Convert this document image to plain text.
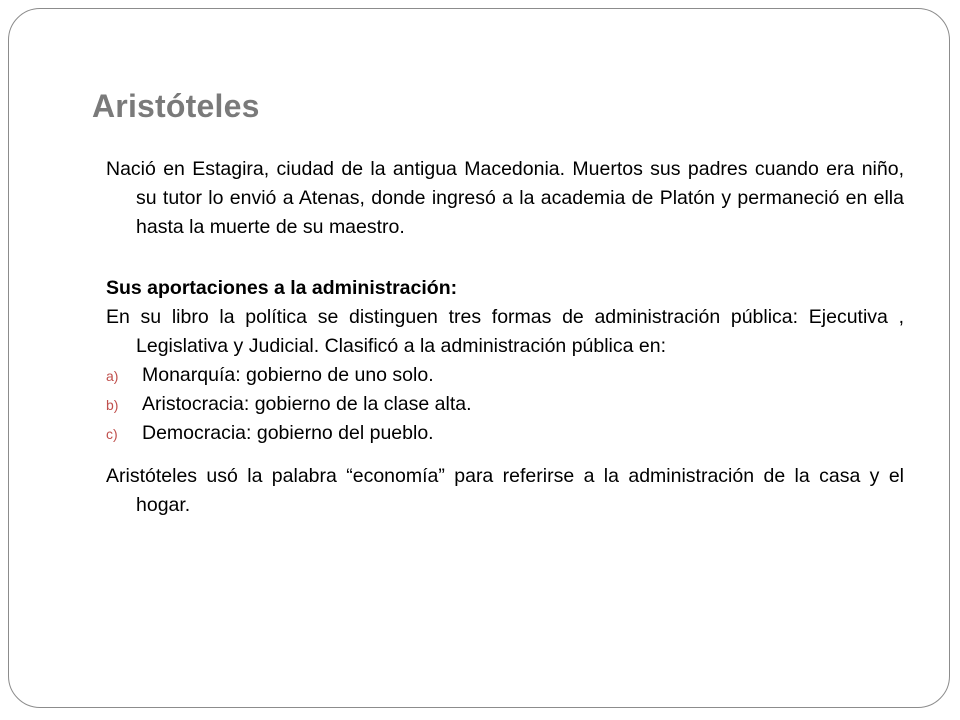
Aristóteles

Nació en Estagira, ciudad de la antigua Macedonia. Muertos sus padres cuando era niño, su tutor lo envió a Atenas, donde ingresó a la academia de Platón y permaneció en ella hasta la muerte de su maestro.

Sus aportaciones a la administración:

En su libro la política se distinguen tres formas de administración pública: Ejecutiva , Legislativa y Judicial. Clasificó a la administración pública en:

a) Monarquía: gobierno de uno solo.
b) Aristocracia: gobierno de la clase alta.
c) Democracia: gobierno del pueblo.

Aristóteles usó la palabra “economía” para referirse a la administración de la casa y el hogar.
